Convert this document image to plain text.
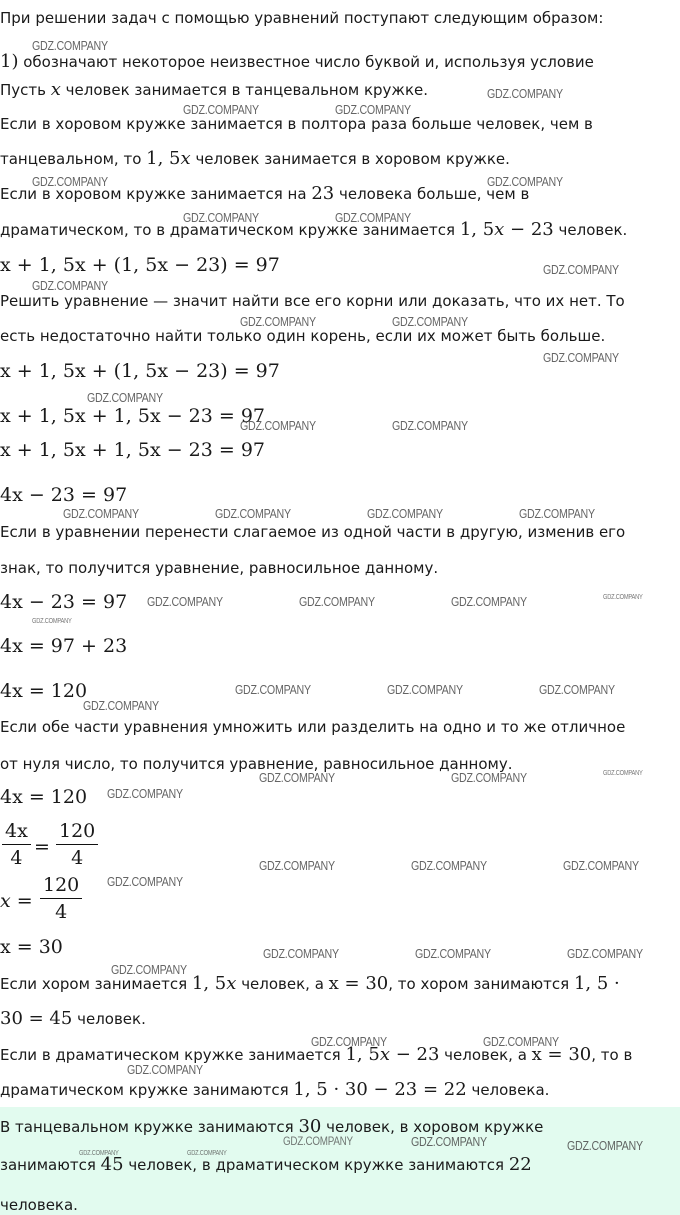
При решении задач с помощью уравнений поступают следующим образом:
1) обозначают некоторое неизвестное число буквой и, используя условие
Пусть x человек занимается в танцевальном кружке.
Если в хоровом кружке занимается в полтора раза больше человек, чем в
танцевальном, то 1, 5x человек занимается в хоровом кружке.
Если в хоровом кружке занимается на 23 человека больше, чем в
драматическом, то в драматическом кружке занимается 1, 5x − 23 человек.
x + 1, 5x + (1, 5x − 23) = 97
Решить уравнение — значит найти все его корни или доказать, что их нет. То
есть недостаточно найти только один корень, если их может быть больше.
x + 1, 5x + (1, 5x − 23) = 97
x + 1, 5x + 1, 5x − 23 = 97
x + 1, 5x + 1, 5x − 23 = 97
4x − 23 = 97
Если в уравнении перенести слагаемое из одной части в другую, изменив его
знак, то получится уравнение, равносильное данному.
4x − 23 = 97
4x = 97 + 23
4x = 120
Если обе части уравнения умножить или разделить на одно и то же отличное
от нуля число, то получится уравнение, равносильное данному.
4x = 120
$\frac{4x}{4} = \frac{120}{4}$
$x = \frac{120}{4}$
x = 30
Если хором занимается 1, 5x человек, а x = 30, то хором занимаются 1, 5 ·
30 = 45 человек.
Если в драматическом кружке занимается 1, 5x − 23 человек, а x = 30, то в
драматическом кружке занимаются 1, 5 · 30 − 23 = 22 человека.
В танцевальном кружке занимаются 30 человек, в хоровом кружке
занимаются 45 человек, в драматическом кружке занимаются 22
человека.
GDZ.COMPANY
GDZ.COMPANY
GDZ.COMPANY	GDZ.COMPANY
GDZ.COMPANY	GDZ.COMPANY
GDZ.COMPANY	GDZ.COMPANY
GDZ.COMPANY
GDZ.COMPANY
GDZ.COMPANY	GDZ.COMPANY
GDZ.COMPANY
GDZ.COMPANY
GDZ.COMPANY	GDZ.COMPANY
GDZ.COMPANY	GDZ.COMPANY	GDZ.COMPANY	GDZ.COMPANY
GDZ.COMPANY	GDZ.COMPANY	GDZ.COMPANY
GDZ.COMPANY
GDZ.COMPANY	GDZ.COMPANY	GDZ.COMPANY
GDZ.COMPANY	GDZ.COMPANY
GDZ.COMPANY
GDZ.COMPANY	GDZ.COMPANY	GDZ.COMPANY
GDZ.COMPANY
GDZ.COMPANY	GDZ.COMPANY	GDZ.COMPANY
GDZ.COMPANY
GDZ.COMPANY	GDZ.COMPANY
GDZ.COMPANY
GDZ.COMPANY	GDZ.COMPANY
GDZ.COMPANY
GDZ.COMPANY
GDZ.COMPANY
GDZ.COMPANY	GDZ.COMPANY
GDZ.COMPANY
